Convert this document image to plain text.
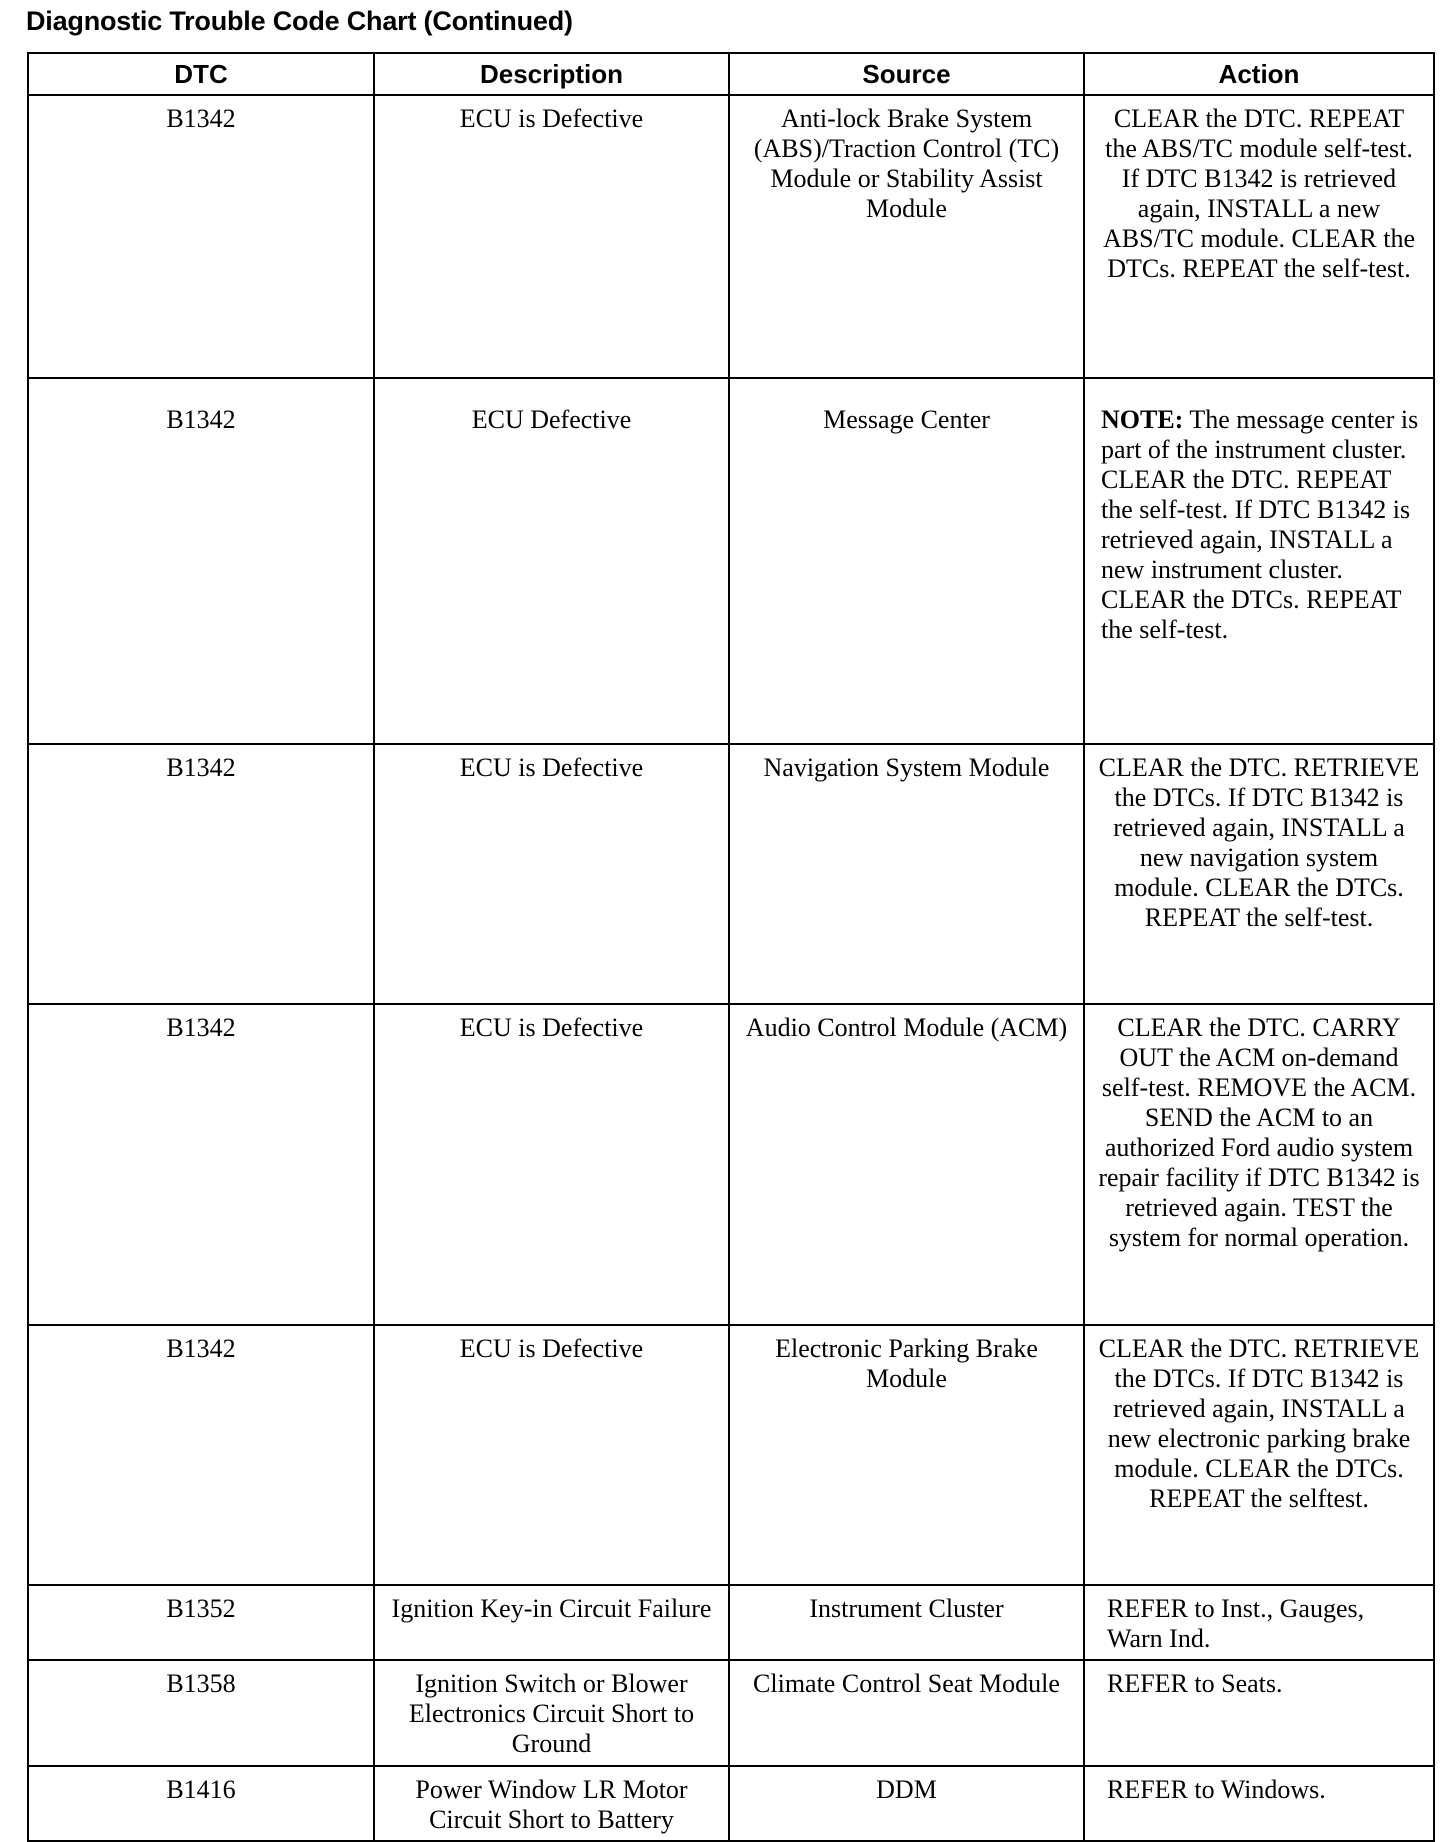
Diagnostic Trouble Code Chart (Continued)
DTC	Description	Source	Action
B1342	ECU is Defective	Anti-lock Brake System (ABS)/Traction Control (TC) Module or Stability Assist Module	CLEAR the DTC. REPEAT the ABS/TC module self-test. If DTC B1342 is retrieved again, INSTALL a new ABS/TC module. CLEAR the DTCs. REPEAT the self-test.
B1342	ECU Defective	Message Center	NOTE: The message center is part of the instrument cluster. CLEAR the DTC. REPEAT the self-test. If DTC B1342 is retrieved again, INSTALL a new instrument cluster. CLEAR the DTCs. REPEAT the self-test.
B1342	ECU is Defective	Navigation System Module	CLEAR the DTC. RETRIEVE the DTCs. If DTC B1342 is retrieved again, INSTALL a new navigation system module. CLEAR the DTCs. REPEAT the self-test.
B1342	ECU is Defective	Audio Control Module (ACM)	CLEAR the DTC. CARRY OUT the ACM on-demand self-test. REMOVE the ACM. SEND the ACM to an authorized Ford audio system repair facility if DTC B1342 is retrieved again. TEST the system for normal operation.
B1342	ECU is Defective	Electronic Parking Brake Module	CLEAR the DTC. RETRIEVE the DTCs. If DTC B1342 is retrieved again, INSTALL a new electronic parking brake module. CLEAR the DTCs. REPEAT the selftest.
B1352	Ignition Key-in Circuit Failure	Instrument Cluster	REFER to Inst., Gauges, Warn Ind.
B1358	Ignition Switch or Blower Electronics Circuit Short to Ground	Climate Control Seat Module	REFER to Seats.
B1416	Power Window LR Motor Circuit Short to Battery	DDM	REFER to Windows.
